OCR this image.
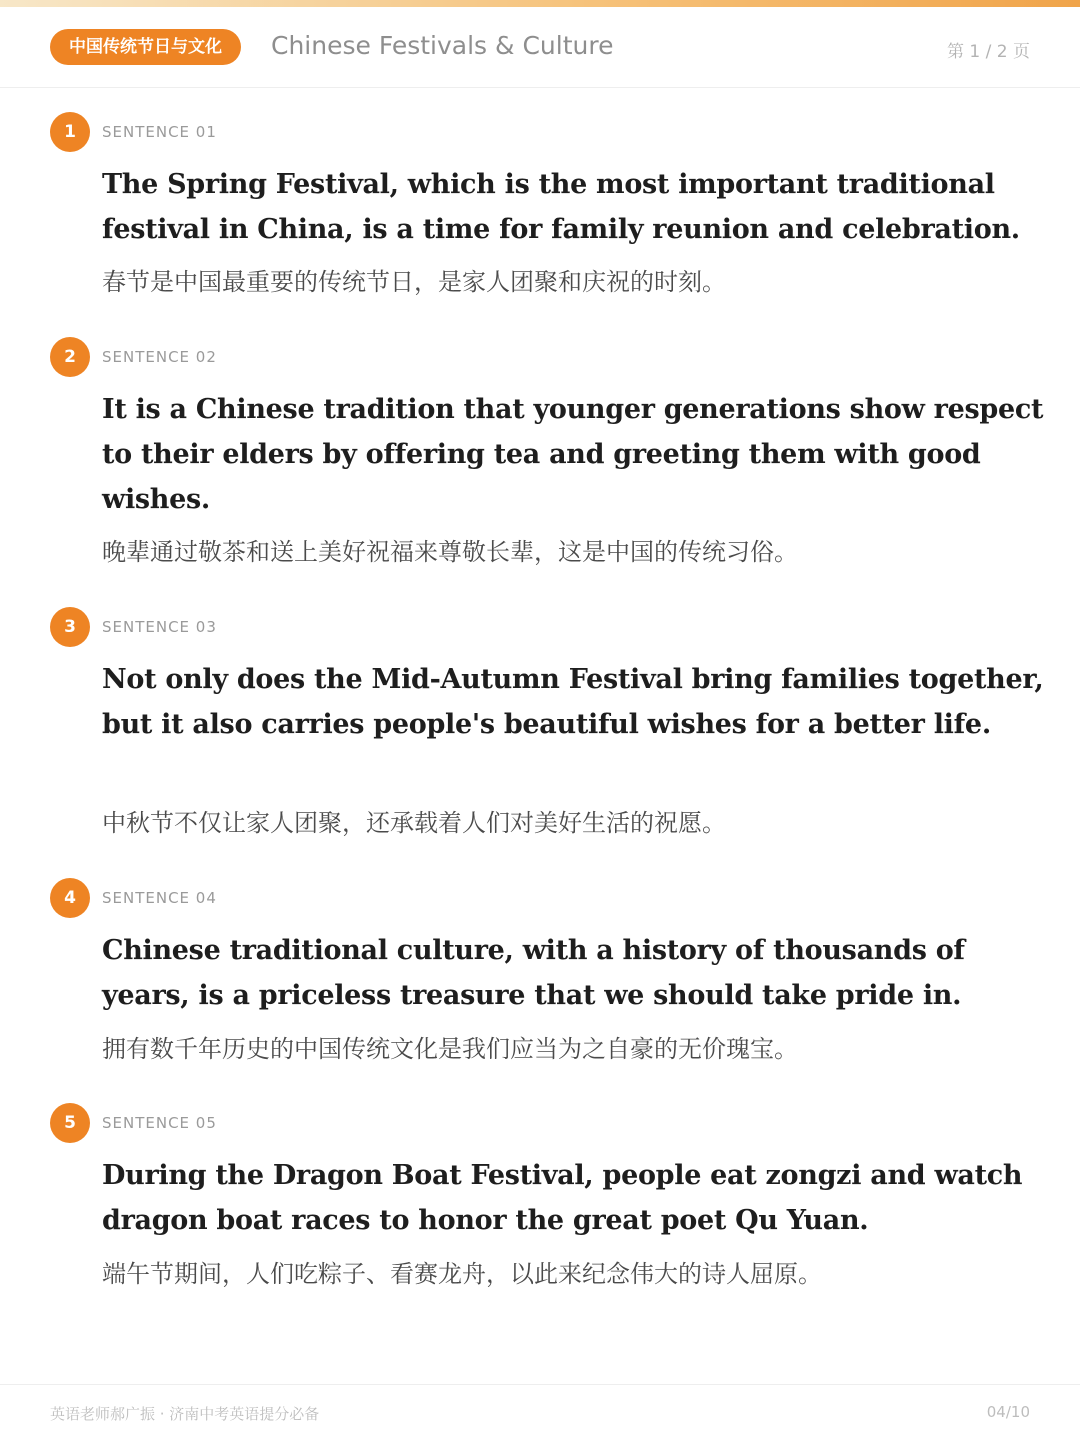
中国传统节日与文化	Chinese Festivals & Culture	第 1 / 2 页
1	SENTENCE 01

The Spring Festival, which is the most important traditional festival in China, is a time for family reunion and celebration.

春节是中国最重要的传统节日，是家人团聚和庆祝的时刻。

2	SENTENCE 02

It is a Chinese tradition that younger generations show respect to their elders by offering tea and greeting them with good wishes.

晚辈通过敬茶和送上美好祝福来尊敬长辈，这是中国的传统习俗。

3	SENTENCE 03

Not only does the Mid-Autumn Festival bring families together, but it also carries people's beautiful wishes for a better life.

中秋节不仅让家人团聚，还承载着人们对美好生活的祝愿。

4	SENTENCE 04

Chinese traditional culture, with a history of thousands of years, is a priceless treasure that we should take pride in.

拥有数千年历史的中国传统文化是我们应当为之自豪的无价瑰宝。

5	SENTENCE 05

During the Dragon Boat Festival, people eat zongzi and watch dragon boat races to honor the great poet Qu Yuan.

端午节期间，人们吃粽子、看赛龙舟，以此来纪念伟大的诗人屈原。

英语老师郝广振 · 济南中考英语提分必备	04/10
